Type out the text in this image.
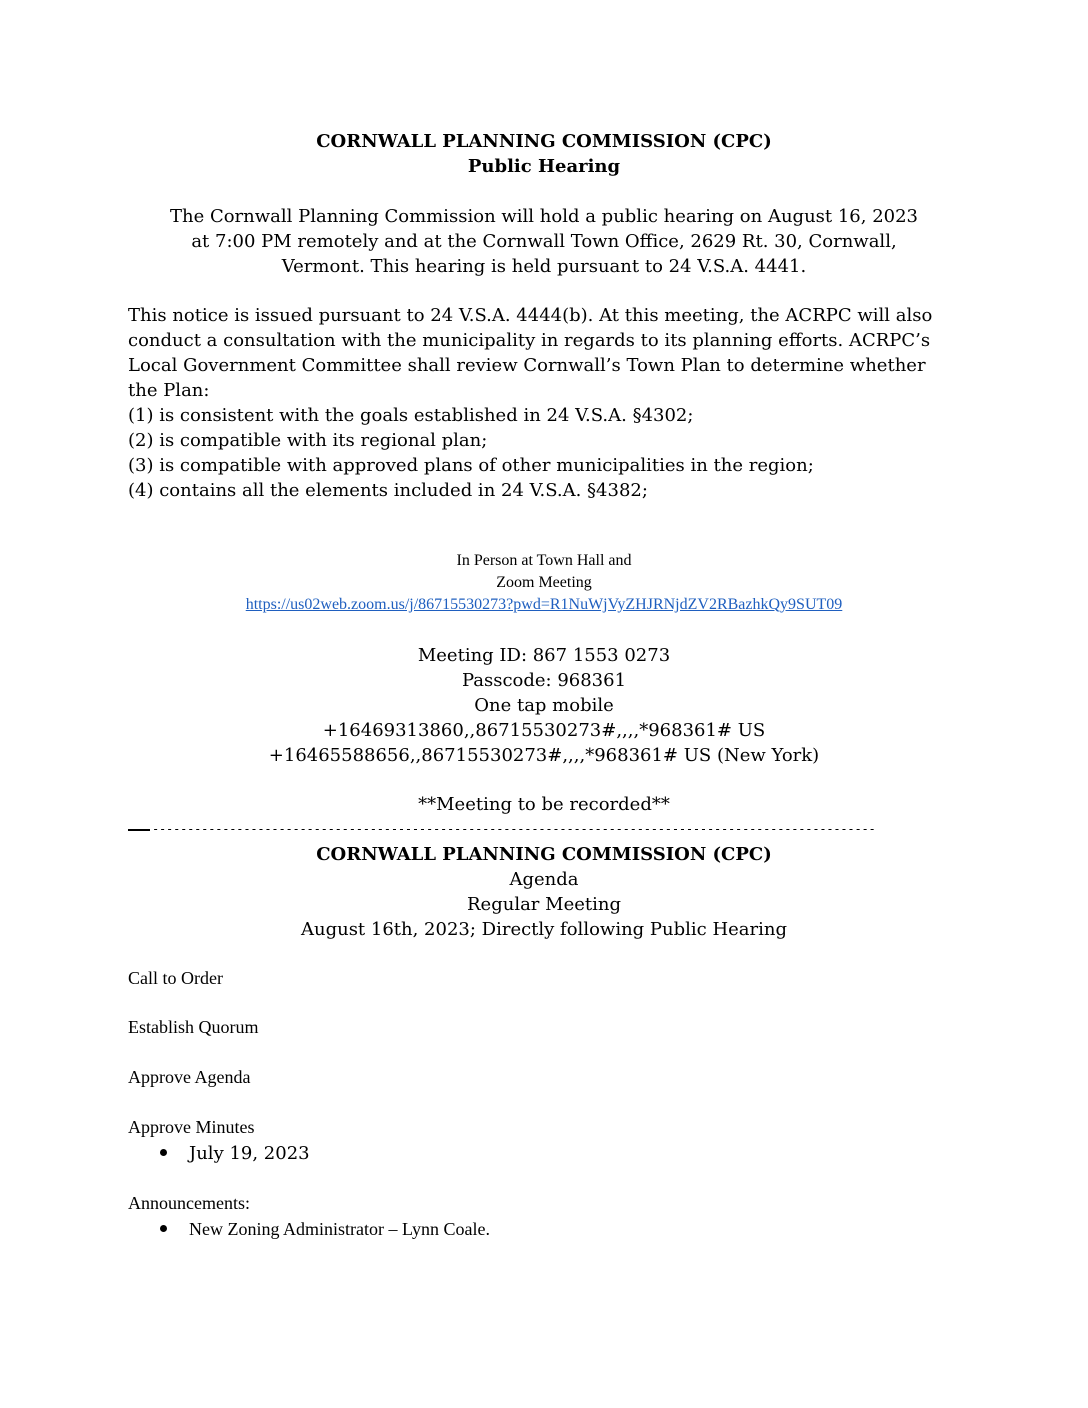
CORNWALL PLANNING COMMISSION (CPC)
Public Hearing
The Cornwall Planning Commission will hold a public hearing on August 16, 2023
at 7:00 PM remotely and at the Cornwall Town Office, 2629 Rt. 30, Cornwall,
Vermont. This hearing is held pursuant to 24 V.S.A. 4441.
This notice is issued pursuant to 24 V.S.A. 4444(b). At this meeting, the ACRPC will also
conduct a consultation with the municipality in regards to its planning efforts. ACRPC’s
Local Government Committee shall review Cornwall’s Town Plan to determine whether
the Plan:
(1) is consistent with the goals established in 24 V.S.A. §4302;
(2) is compatible with its regional plan;
(3) is compatible with approved plans of other municipalities in the region;
(4) contains all the elements included in 24 V.S.A. §4382;
In Person at Town Hall and
Zoom Meeting
https://us02web.zoom.us/j/86715530273?pwd=R1NuWjVyZHJRNjdZV2RBazhkQy9SUT09
Meeting ID: 867 1553 0273
Passcode: 968361
One tap mobile
+16469313860,,86715530273#,,,,*968361# US
+16465588656,,86715530273#,,,,*968361# US (New York)
**Meeting to be recorded**
-------------------------------------------------------------------------------------------------------
CORNWALL PLANNING COMMISSION (CPC)
Agenda
Regular Meeting
August 16th, 2023; Directly following Public Hearing
Call to Order
Establish Quorum
Approve Agenda
Approve Minutes
July 19, 2023
Announcements:
New Zoning Administrator – Lynn Coale.
